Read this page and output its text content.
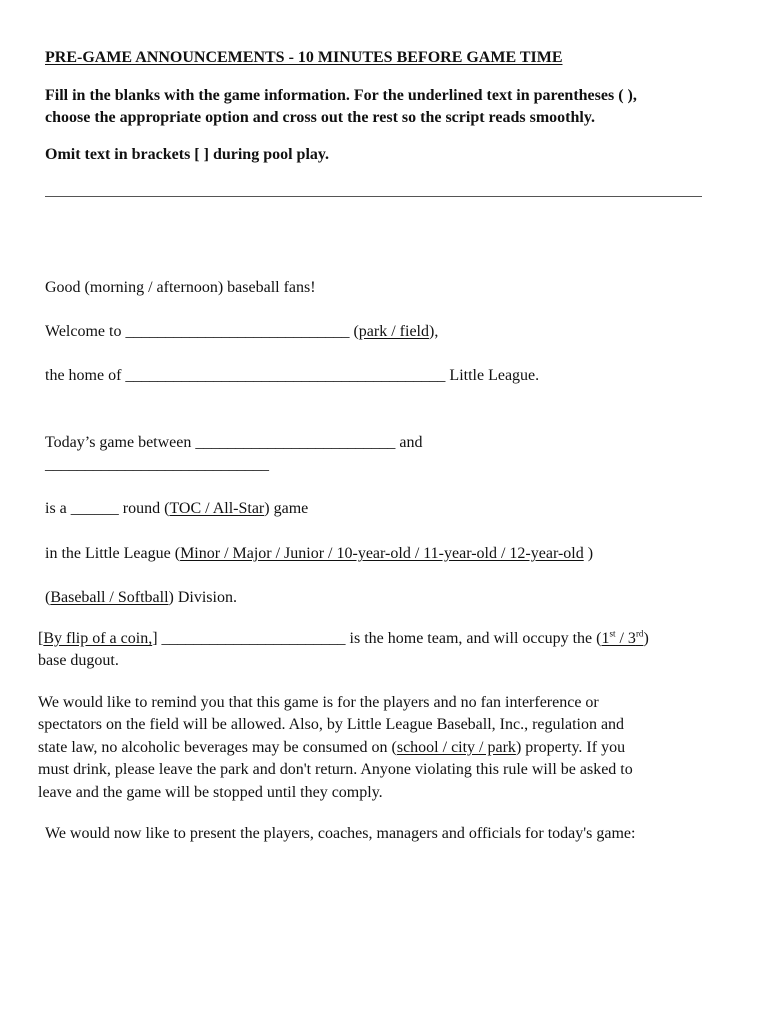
PRE-GAME ANNOUNCEMENTS - 10 MINUTES BEFORE GAME TIME
Fill in the blanks with the game information. For the underlined text in parentheses ( ),
choose the appropriate option and cross out the rest so the script reads smoothly.
Omit text in brackets [ ] during pool play.
Good (morning / afternoon) baseball fans!
Welcome to ____________________________ (park / field),
the home of ________________________________________ Little League.
Today’s game between _________________________ and
____________________________
is a ______ round (TOC / All-Star) game
in the Little League (Minor / Major / Junior / 10-year-old / 11-year-old / 12-year-old )
(Baseball / Softball) Division.
[By flip of a coin,] _______________________ is the home team, and will occupy the (1st / 3rd)
base dugout.
We would like to remind you that this game is for the players and no fan interference or
spectators on the field will be allowed. Also, by Little League Baseball, Inc., regulation and
state law, no alcoholic beverages may be consumed on (school / city / park) property. If you
must drink, please leave the park and don't return. Anyone violating this rule will be asked to
leave and the game will be stopped until they comply.
We would now like to present the players, coaches, managers and officials for today's game:
